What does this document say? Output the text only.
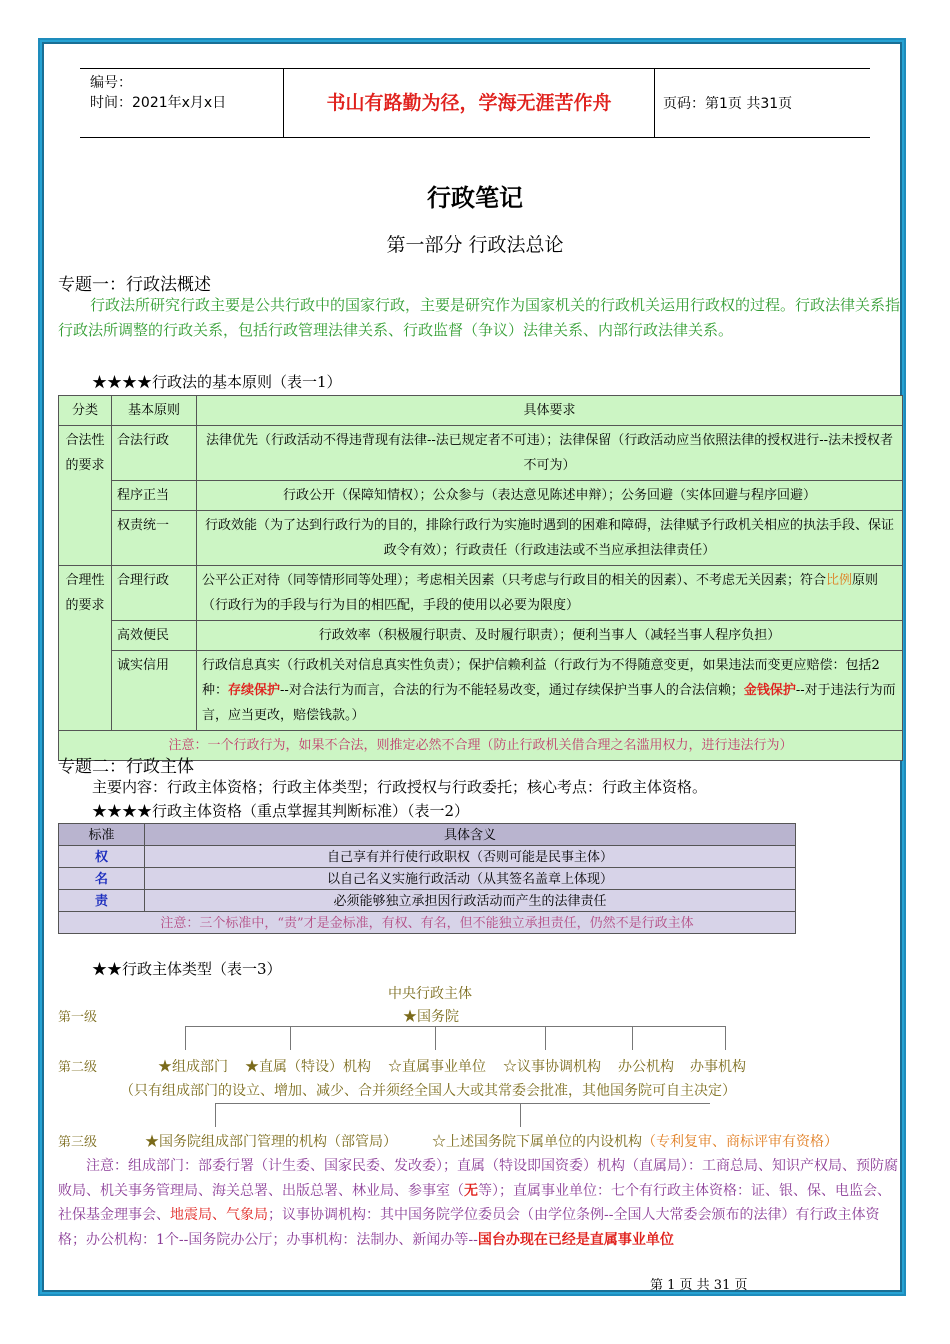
编号：
时间：2021年x月x日	书山有路勤为径，学海无涯苦作舟	页码：第1页 共31页
行政笔记
第一部分 行政法总论
专题一：行政法概述
行政法所研究行政主要是公共行政中的国家行政，主要是研究作为国家机关的行政机关运用行政权的过程。行政法律关系指行政法所调整的行政关系，包括行政管理法律关系、行政监督（争议）法律关系、内部行政法律关系。
★★★★行政法的基本原则（表一1）
分类	基本原则	具体要求
合法性的要求	合法行政	法律优先（行政活动不得违背现有法律--法已规定者不可违）；法律保留（行政活动应当依照法律的授权进行--法未授权者不可为）
	程序正当	行政公开（保障知情权）；公众参与（表达意见陈述申辩）；公务回避（实体回避与程序回避）
	权责统一	行政效能（为了达到行政行为的目的，排除行政行为实施时遇到的困难和障碍，法律赋予行政机关相应的执法手段、保证政令有效）；行政责任（行政违法或不当应承担法律责任）
合理性的要求	合理行政	公平公正对待（同等情形同等处理）；考虑相关因素（只考虑与行政目的相关的因素）、不考虑无关因素；符合比例原则（行政行为的手段与行为目的相匹配，手段的使用以必要为限度）
	高效便民	行政效率（积极履行职责、及时履行职责）；便利当事人（减轻当事人程序负担）
	诚实信用	行政信息真实（行政机关对信息真实性负责）；保护信赖利益（行政行为不得随意变更，如果违法而变更应赔偿：包括2种：存续保护--对合法行为而言，合法的行为不能轻易改变，通过存续保护当事人的合法信赖；金钱保护--对于违法行为而言，应当更改，赔偿钱款。）
注意：一个行政行为，如果不合法，则推定必然不合理（防止行政机关借合理之名滥用权力，进行违法行为）		
专题二：行政主体
主要内容：行政主体资格；行政主体类型；行政授权与行政委托；核心考点：行政主体资格。
★★★★行政主体资格（重点掌握其判断标准）（表一2）
标准	具体含义
权	自己享有并行使行政职权（否则可能是民事主体）
名	以自己名义实施行政活动（从其签名盖章上体现）
责	必须能够独立承担因行政活动而产生的法律责任
注意：三个标准中，“责”才是金标准，有权、有名，但不能独立承担责任，仍然不是行政主体	
★★行政主体类型（表一3）
中央行政主体
第一级	★国务院
第二级	★组成部门 ★直属（特设）机构 ☆直属事业单位 ☆议事协调机构 办公机构 办事机构
（只有组成部门的设立、增加、减少、合并须经全国人大或其常委会批准，其他国务院可自主决定）
第三级	★国务院组成部门管理的机构（部管局）	☆上述国务院下属单位的内设机构（专利复审、商标评审有资格）
注意：组成部门：部委行署（计生委、国家民委、发改委）；直属（特设即国资委）机构（直属局）：工商总局、知识产权局、预防腐败局、机关事务管理局、海关总署、出版总署、林业局、参事室（无等）；直属事业单位：七个有行政主体资格：证、银、保、电监会、社保基金理事会、地震局、气象局；议事协调机构：其中国务院学位委员会（由学位条例--全国人大常委会颁布的法律）有行政主体资格；办公机构：1个--国务院办公厅；办事机构：法制办、新闻办等--国台办现在已经是直属事业单位
第 1 页 共 31 页
